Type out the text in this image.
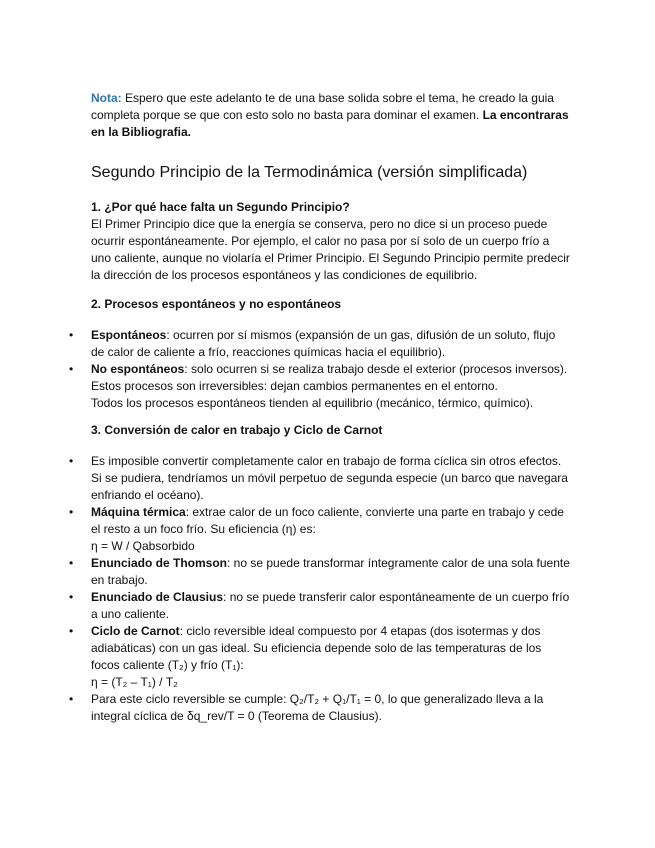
Nota: Espero que este adelanto te de una base solida sobre el tema, he creado la guia completa porque se que con esto solo no basta para dominar el examen. La encontraras en la Bibliografia.

Segundo Principio de la Termodinámica (versión simplificada)
1. ¿Por qué hace falta un Segundo Principio?

El Primer Principio dice que la energía se conserva, pero no dice si un proceso puede ocurrir espontáneamente. Por ejemplo, el calor no pasa por sí solo de un cuerpo frío a uno caliente, aunque no violaría el Primer Principio. El Segundo Principio permite predecir la dirección de los procesos espontáneos y las condiciones de equilibrio.

2. Procesos espontáneos y no espontáneos
• Espontáneos: ocurren por sí mismos (expansión de un gas, difusión de un soluto, flujo de calor de caliente a frío, reacciones químicas hacia el equilibrio).
• No espontáneos: solo ocurren si se realiza trabajo desde el exterior (procesos inversos). Estos procesos son irreversibles: dejan cambios permanentes en el entorno.
Todos los procesos espontáneos tienden al equilibrio (mecánico, térmico, químico).
3. Conversión de calor en trabajo y Ciclo de Carnot
• Es imposible convertir completamente calor en trabajo de forma cíclica sin otros efectos. Si se pudiera, tendríamos un móvil perpetuo de segunda especie (un barco que navegara enfriando el océano).
• Máquina térmica: extrae calor de un foco caliente, convierte una parte en trabajo y cede el resto a un foco frío. Su eficiencia (η) es:
η = W / Qabsorbido
• Enunciado de Thomson: no se puede transformar íntegramente calor de una sola fuente en trabajo.
• Enunciado de Clausius: no se puede transferir calor espontáneamente de un cuerpo frío a uno caliente.
• Ciclo de Carnot: ciclo reversible ideal compuesto por 4 etapas (dos isotermas y dos adiabáticas) con un gas ideal. Su eficiencia depende solo de las temperaturas de los focos caliente (T₂) y frío (T₁):
η = (T₂ – T₁) / T₂
• Para este ciclo reversible se cumple: Q₂/T₂ + Q₁/T₁ = 0, lo que generalizado lleva a la integral cíclica de δq_rev/T = 0 (Teorema de Clausius).
